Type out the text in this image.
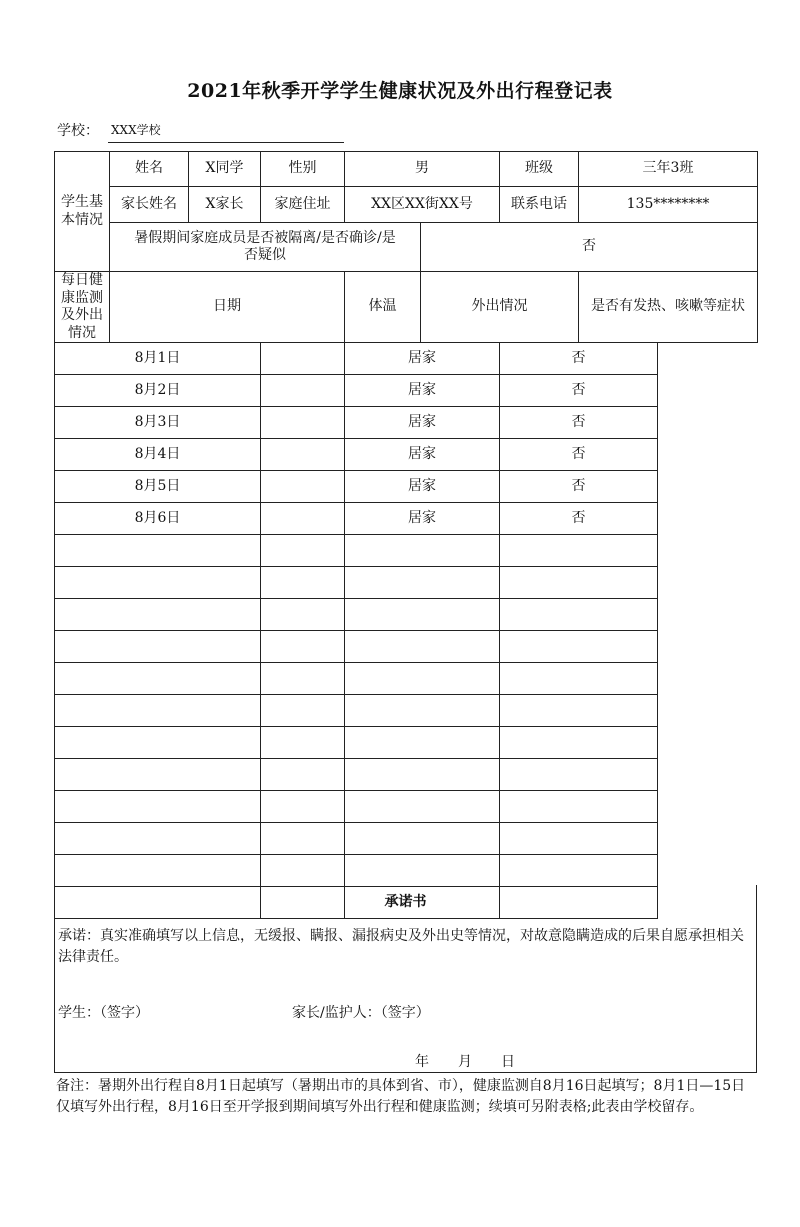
2021年秋季开学学生健康状况及外出行程登记表
学校： XXX学校
学生基本情况	姓名	X同学	性别	男		班级	三年3班
	家长姓名	X家长	家庭住址	XX区XX街XX号		联系电话	135********
	暑假期间家庭成员是否被隔离/是否确诊/是否疑似				否		
每日健康监测及外出情况	日期			体温	外出情况		是否有发热、咳嗽等症状
8月1日				居家		否	
8月2日				居家		否	
8月3日				居家		否	
8月4日				居家		否	
8月5日				居家		否	
8月6日				居家		否	

承诺书
承诺：真实准确填写以上信息，无缓报、瞒报、漏报病史及外出史等情况，对故意隐瞒造成的后果自愿承担相关法律责任。
学生：（签字）	家长/监护人：（签字）
年 月 日
备注：暑期外出行程自8月1日起填写（暑期出市的具体到省、市），健康监测自8月16日起填写；8月1日—15日仅填写外出行程，8月16日至开学报到期间填写外出行程和健康监测；续填可另附表格;此表由学校留存。
